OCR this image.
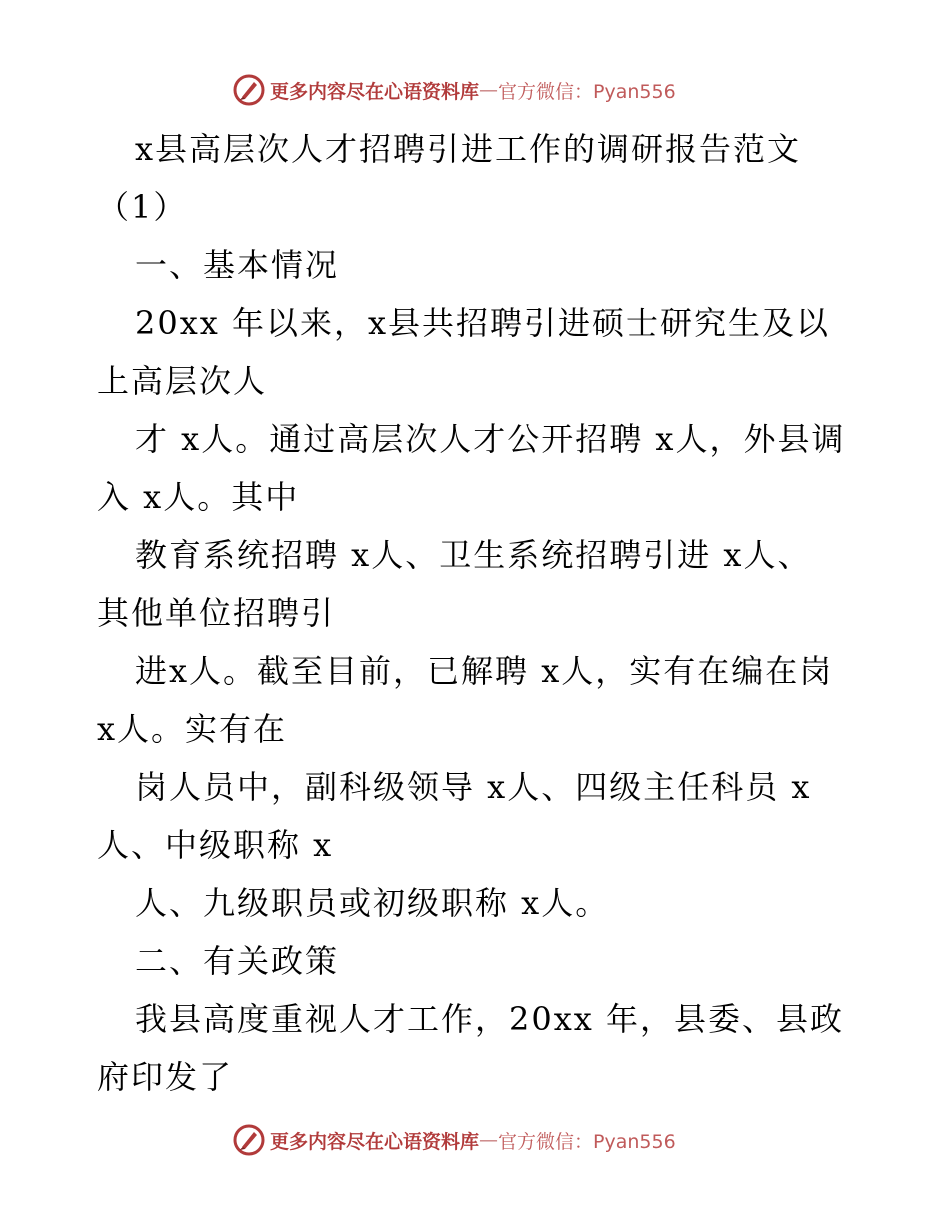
更多内容尽在心语资料库 — 官方微信：Pyan556
x县高层次人才招聘引进工作的调研报告范文
（1）
一、基本情况
20xx 年以来，x县共招聘引进硕士研究生及以
上高层次人
才 x人。通过高层次人才公开招聘 x人，外县调
入 x人。其中
教育系统招聘 x人、卫生系统招聘引进 x人、
其他单位招聘引
进x人。截至目前，已解聘 x人，实有在编在岗
x人。实有在
岗人员中，副科级领导 x人、四级主任科员 x
人、中级职称 x
人、九级职员或初级职称 x人。
二、有关政策
我县高度重视人才工作，20xx 年，县委、县政
府印发了
更多内容尽在心语资料库 — 官方微信：Pyan556
